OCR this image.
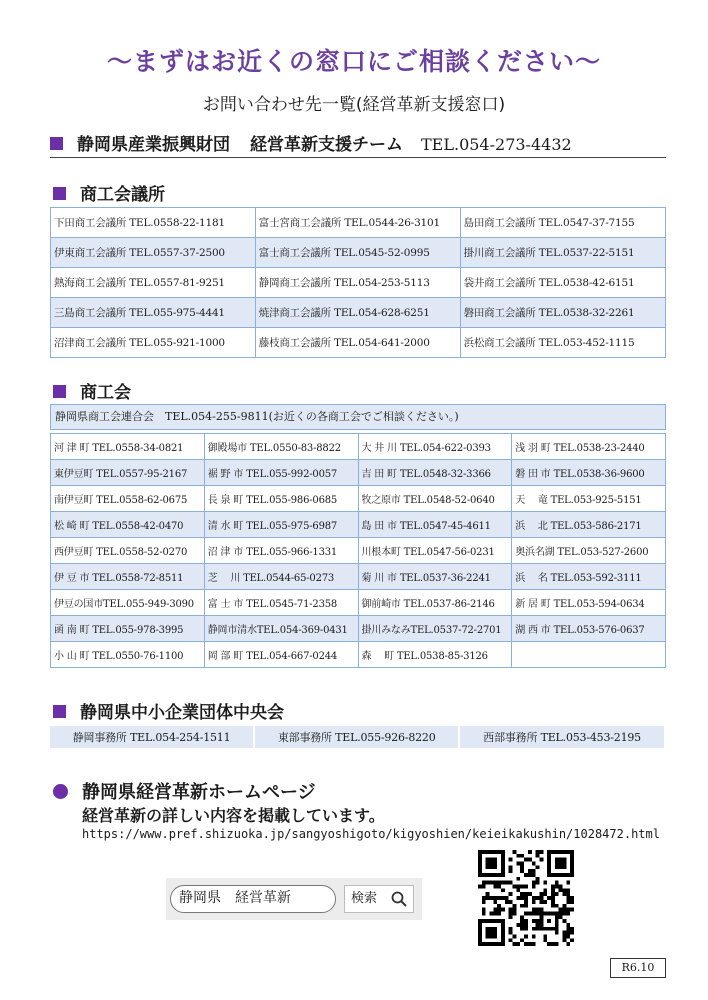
～まずはお近くの窓口にご相談ください～
お問い合わせ先一覧(経営革新支援窓口)
静岡県産業振興財団 経営革新支援チーム TEL.054-273-4432
商工会議所
下田商工会議所 TEL.0558-22-1181	富士宮商工会議所 TEL.0544-26-3101	島田商工会議所 TEL.0547-37-7155
伊東商工会議所 TEL.0557-37-2500	富士商工会議所 TEL.0545-52-0995	掛川商工会議所 TEL.0537-22-5151
熱海商工会議所 TEL.0557-81-9251	静岡商工会議所 TEL.054-253-5113	袋井商工会議所 TEL.0538-42-6151
三島商工会議所 TEL.055-975-4441	焼津商工会議所 TEL.054-628-6251	磐田商工会議所 TEL.0538-32-2261
沼津商工会議所 TEL.055-921-1000	藤枝商工会議所 TEL.054-641-2000	浜松商工会議所 TEL.053-452-1115
商工会
静岡県商工会連合会　TEL.054-255-9811(お近くの各商工会でご相談ください。)
河 津 町 TEL.0558-34-0821	御殿場市 TEL.0550-83-8822	大 井 川 TEL.054-622-0393	浅 羽 町 TEL.0538-23-2440
東伊豆町 TEL.0557-95-2167	裾 野 市 TEL.055-992-0057	吉 田 町 TEL.0548-32-3366	磐 田 市 TEL.0538-36-9600
南伊豆町 TEL.0558-62-0675	長 泉 町 TEL.055-986-0685	牧之原市 TEL.0548-52-0640	天　 竜 TEL.053-925-5151
松 崎 町 TEL.0558-42-0470	清 水 町 TEL.055-975-6987	島 田 市 TEL.0547-45-4611	浜　 北 TEL.053-586-2171
西伊豆町 TEL.0558-52-0270	沼 津 市 TEL.055-966-1331	川根本町 TEL.0547-56-0231	奥浜名湖 TEL.053-527-2600
伊 豆 市 TEL.0558-72-8511	芝　 川 TEL.0544-65-0273	菊 川 市 TEL.0537-36-2241	浜　 名 TEL.053-592-3111
伊豆の国市TEL.055-949-3090	富 士 市 TEL.0545-71-2358	御前崎市 TEL.0537-86-2146	新 居 町 TEL.053-594-0634
函 南 町 TEL.055-978-3995	静岡市清水TEL.054-369-0431	掛川みなみTEL.0537-72-2701	湖 西 市 TEL.053-576-0637
小 山 町 TEL.0550-76-1100	岡 部 町 TEL.054-667-0244	森　 町 TEL.0538-85-3126	
静岡県中小企業団体中央会
静岡事務所 TEL.054-254-1511	東部事務所 TEL.055-926-8220	西部事務所 TEL.053-453-2195
静岡県経営革新ホームページ
経営革新の詳しい内容を掲載しています。
https://www.pref.shizuoka.jp/sangyoshigoto/kigyoshien/keieikakushin/1028472.html
静岡県　経営革新	検索
R6.10
